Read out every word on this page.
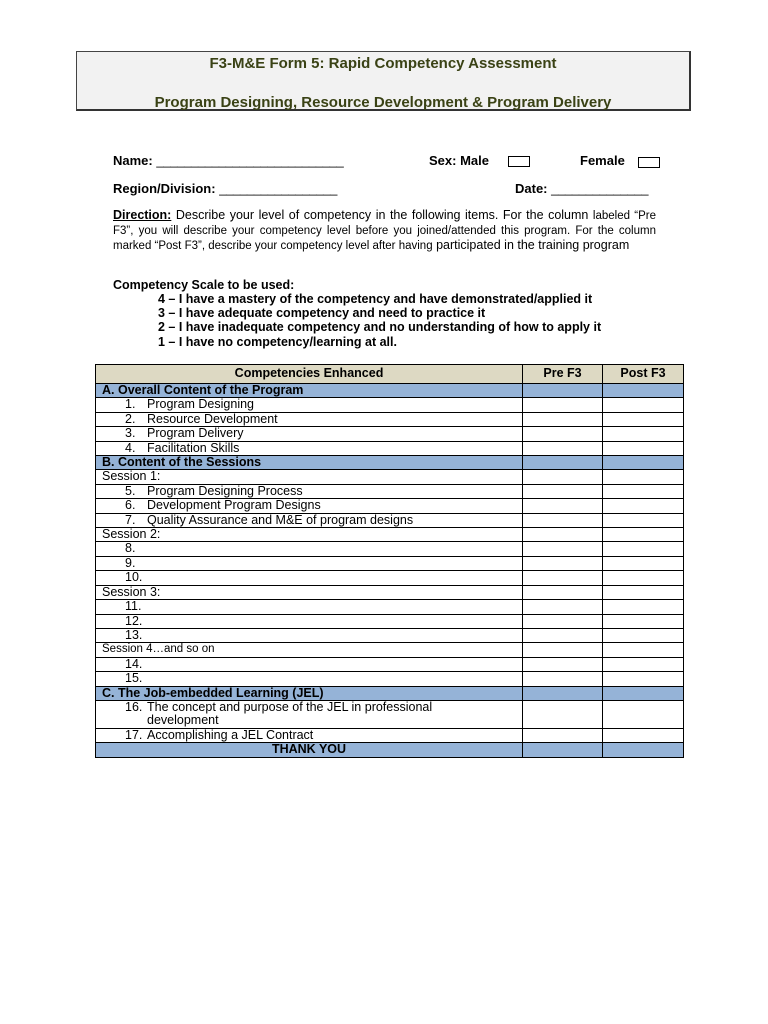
F3-M&E Form 5: Rapid Competency Assessment
Program Designing, Resource Development & Program Delivery
Name: ___________________________	Sex: Male	Female
Region/Division: _________________	Date: ______________
Direction: Describe your level of competency in the following items. For the column labeled “Pre F3”, you will describe your competency level before you joined/attended this program. For the column marked “Post F3”, describe your competency level after having participated in the training program
Competency Scale to be used:
4 – I have a mastery of the competency and have demonstrated/applied it
3 – I have adequate competency and need to practice it
2 – I have inadequate competency and no understanding of how to apply it
1 – I have no competency/learning at all.
Competencies Enhanced	Pre F3	Post F3
A. Overall Content of the Program		
1. Program Designing		
2. Resource Development		
3. Program Delivery		
4. Facilitation Skills		
B. Content of the Sessions		
Session 1:		
5. Program Designing Process		
6. Development Program Designs		
7. Quality Assurance and M&E of program designs		
Session 2:		
8.		
9.		
10.		
Session 3:		
11.		
12.		
13.		
Session 4…and so on		
14.		
15.		
C. The Job-embedded Learning (JEL)		

16. The concept and purpose of the JEL in professional development		

17. Accomplishing a JEL Contract		
THANK YOU		
